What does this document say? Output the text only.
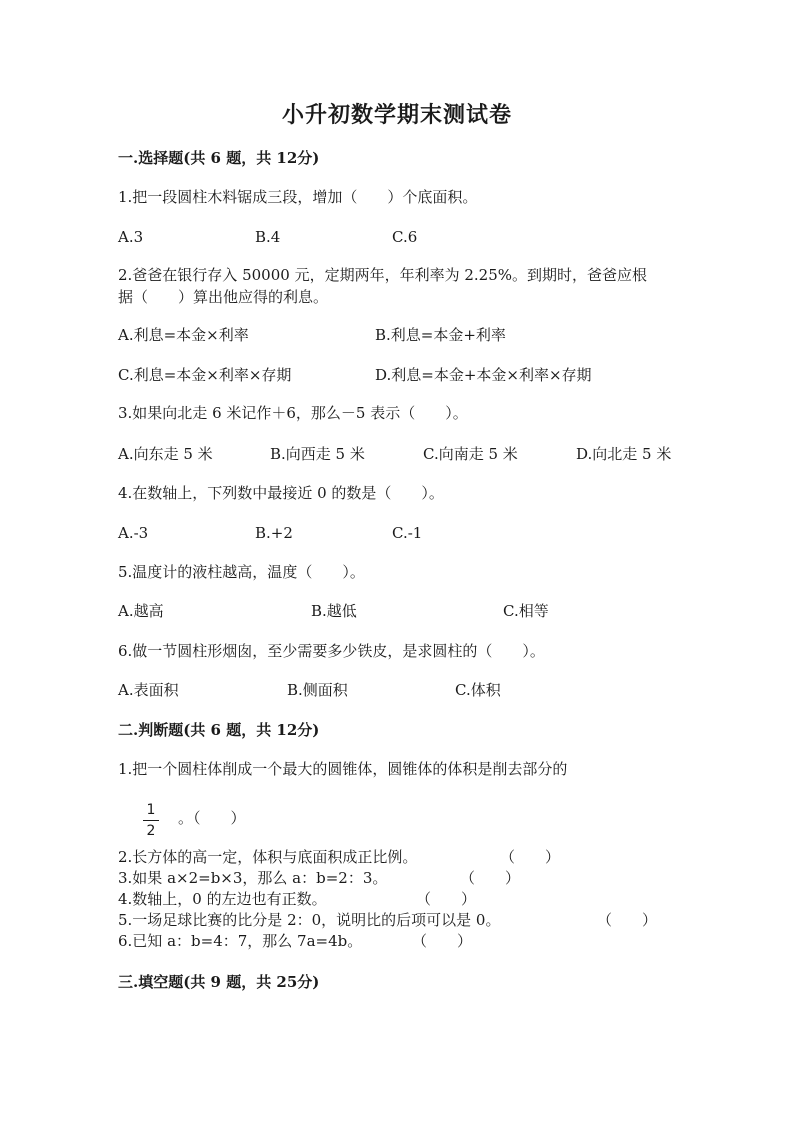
小升初数学期末测试卷
一.选择题(共 6 题，共 12分)
1.把一段圆柱木料锯成三段，增加（　　）个底面积。
A.3	B.4	C.6
2.爸爸在银行存入 50000 元，定期两年，年利率为 2.25%。到期时，爸爸应根
据（　　）算出他应得的利息。
A.利息=本金×利率	B.利息=本金+利率
C.利息=本金×利率×存期	D.利息=本金+本金×利率×存期
3.如果向北走 6 米记作＋6，那么－5 表示（　　）。
A.向东走 5 米	B.向西走 5 米	C.向南走 5 米	D.向北走 5 米
4.在数轴上，下列数中最接近 0 的数是（　　）。
A.-3	B.+2	C.-1
5.温度计的液柱越高，温度（　　）。
A.越高	B.越低	C.相等
6.做一节圆柱形烟囱，至少需要多少铁皮，是求圆柱的（　　）。
A.表面积	B.侧面积	C.体积
二.判断题(共 6 题，共 12分)
1.把一个圆柱体削成一个最大的圆锥体，圆锥体的体积是削去部分的
1
2
。（　　）
2.长方体的高一定，体积与底面积成正比例。	（　　）
3.如果 a×2=b×3，那么 a：b=2：3。	（　　）
4.数轴上，0 的左边也有正数。	（　　）
5.一场足球比赛的比分是 2：0，说明比的后项可以是 0。	（　　）
6.已知 a：b=4：7，那么 7a=4b。	（　　）
三.填空题(共 9 题，共 25分)
